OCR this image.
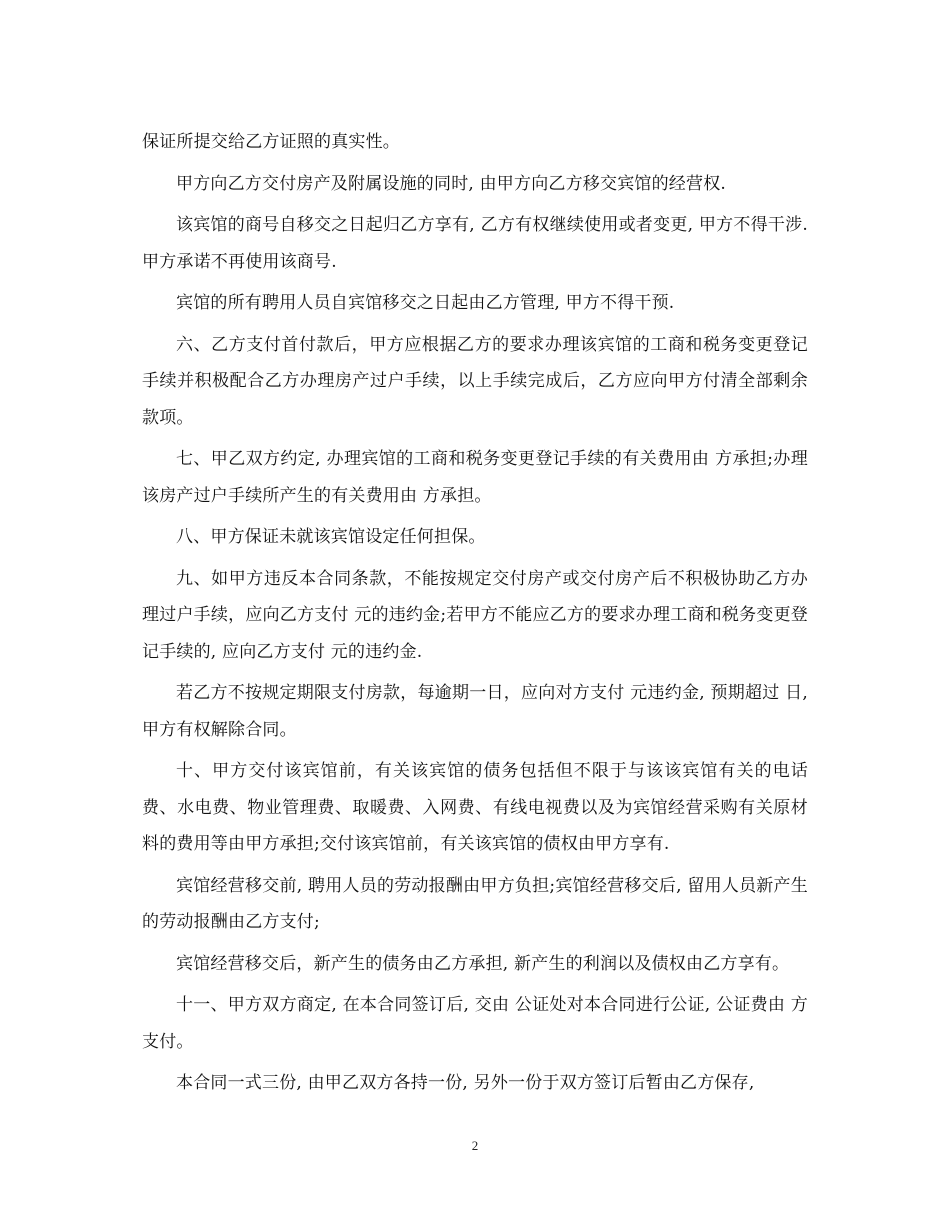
保证所提交给乙方证照的真实性。

甲方向乙方交付房产及附属设施的同时, 由甲方向乙方移交宾馆的经营权.

该宾馆的商号自移交之日起归乙方享有, 乙方有权继续使用或者变更, 甲方不得干涉. 甲方承诺不再使用该商号.

宾馆的所有聘用人员自宾馆移交之日起由乙方管理, 甲方不得干预.

六、乙方支付首付款后，甲方应根据乙方的要求办理该宾馆的工商和税务变更登记手续并积极配合乙方办理房产过户手续，以上手续完成后，乙方应向甲方付清全部剩余款项。

七、甲乙双方约定, 办理宾馆的工商和税务变更登记手续的有关费用由 方承担;办理该房产过户手续所产生的有关费用由 方承担。

八、甲方保证未就该宾馆设定任何担保。

九、如甲方违反本合同条款，不能按规定交付房产或交付房产后不积极协助乙方办理过户手续，应向乙方支付 元的违约金;若甲方不能应乙方的要求办理工商和税务变更登记手续的, 应向乙方支付 元的违约金.

若乙方不按规定期限支付房款，每逾期一日，应向对方支付 元违约金, 预期超过 日, 甲方有权解除合同。

十、甲方交付该宾馆前，有关该宾馆的债务包括但不限于与该该宾馆有关的电话费、水电费、物业管理费、取暖费、入网费、有线电视费以及为宾馆经营采购有关原材料的费用等由甲方承担;交付该宾馆前，有关该宾馆的债权由甲方享有.

宾馆经营移交前, 聘用人员的劳动报酬由甲方负担;宾馆经营移交后, 留用人员新产生的劳动报酬由乙方支付;

宾馆经营移交后，新产生的债务由乙方承担, 新产生的利润以及债权由乙方享有。

十一、甲方双方商定, 在本合同签订后, 交由 公证处对本合同进行公证, 公证费由 方支付。

本合同一式三份, 由甲乙双方各持一份, 另外一份于双方签订后暂由乙方保存,

2
